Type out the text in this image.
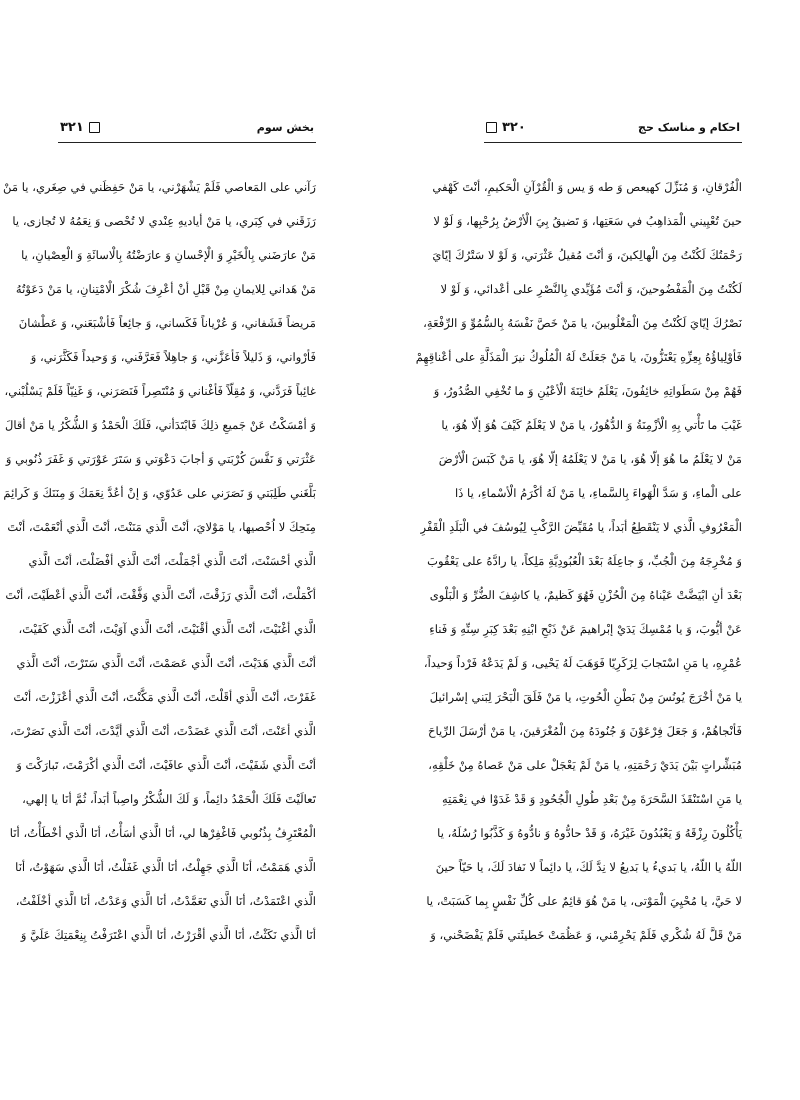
بخش سوم
۳۲۱
رَآني على المَعاصي فَلَمْ يَشْهَرْني، يا مَنْ حَفِظَني في صِغَري، يا مَنْ
رَزَقَني في كِبَري، يا مَنْ أياديهِ عِنْدي لا تُحْصى وَ نِعَمُهُ لا تُجازى، يا
مَنْ عارَضَني بِالْخَيْرِ وَ الْإحْسانِ وَ عارَضْتُهُ بِالْاسائَةِ وَ الْعِصْيانِ، يا
مَنْ هَداني لِلايمانِ مِنْ قَبْلِ أنْ أعْرِفَ شُكْرَ الْامْتِنانِ، يا مَنْ دَعَوْتُهُ
مَريضاً فَشَفاني، وَ عُرْياناً فَكَساني، وَ جائِعاً فَأشْبَعَني، وَ عَطْشانَ
فَأرْواني، وَ ذَليلاً فَأعَزَّني، وَ جاهِلاً فَعَرَّفَني، وَ وَحيداً فَكَثَّرَني، وَ
غائِباً فَرَدَّني، وَ مُقِلّاً فَأغْناني وَ مُنْتَصِراً فَنَصَرَني، وَ غَنِيّاً فَلَمْ يَسْلُبْني،
وَ أمْسَكْتُ عَنْ جَميعِ ذلِكَ فَابْتَدَأني، فَلَكَ الْحَمْدُ وَ الشُّكْرُ يا مَنْ أقالَ
عَثْرَتي وَ نَفَّسَ كُرْبَتي وَ أجابَ دَعْوَتي وَ سَتَرَ عَوْرَتي وَ غَفَرَ ذُنُوبي وَ
بَلَّغَني طَلِبَتي وَ نَصَرَني على عَدُوّي، وَ إنْ أعُدَّ نِعَمَكَ وَ مِنَنَكَ وَ كَرائِمَ
مِنَحِكَ لا اُحْصيها، يا مَوْلايَ، أنْتَ الَّذي مَنَنْتَ، أنْتَ الَّذي أنْعَمْتَ، أنْتَ
الَّذي أحْسَنْتَ، أنْتَ الَّذي أجْمَلْتَ، أنْتَ الَّذي أفْضَلْتَ، أنْتَ الَّذي
أكْمَلْتَ، أنْتَ الَّذي رَزَقْتَ، أنْتَ الَّذي وَفَّقْتَ، أنْتَ الَّذي أعْطَيْتَ، أنْتَ
الَّذي أغْنَيْتَ، أنْتَ الَّذي أقْنَيْتَ، أنْتَ الَّذي آوَيْتَ، أنْتَ الَّذي كَفَيْتَ،
أنْتَ الَّذي هَدَيْتَ، أنْتَ الَّذي عَصَمْتَ، أنْتَ الَّذي سَتَرْتَ، أنْتَ الَّذي
غَفَرْتَ، أنْتَ الَّذي أقَلْتَ، أنْتَ الَّذي مَكَّنْتَ، أنْتَ الَّذي أعْزَزْتَ، أنْتَ
الَّذي أعَنْتَ، أنْتَ الَّذي عَضَدْتَ، أنْتَ الَّذي أيَّدْتَ، أنْتَ الَّذي نَصَرْتَ،
أنْتَ الَّذي شَفَيْتَ، أنْتَ الَّذي عافَيْتَ، أنْتَ الَّذي أكْرَمْتَ، تَبارَكْتَ وَ
تَعالَيْتَ فَلَكَ الْحَمْدُ دائِماً، وَ لَكَ الشُّكْرُ واصِباً أبَداً، ثُمَّ أنَا يا إلهي،
الْمُعْتَرِفُ بِذُنُوبي فَاغْفِرْها لي، أنَا الَّذي أسَأْتُ، أنَا الَّذي أخْطَأْتُ، أنَا
الَّذي هَمَمْتُ، أنَا الَّذي جَهِلْتُ، أنَا الَّذي غَفَلْتُ، أنَا الَّذي سَهَوْتُ، أنَا
الَّذي اعْتَمَدْتُ، أنَا الَّذي تَعَمَّدْتُ، أنَا الَّذي وَعَدْتُ، أنَا الَّذي أخْلَفْتُ،
أنَا الَّذي نَكَثْتُ، أنَا الَّذي أقْرَرْتُ، أنَا الَّذي اعْتَرَفْتُ بِنِعْمَتِكَ عَلَيَّ وَ
احکام و مناسک حج
۳۲۰
الْفُرْقانِ، وَ مُنَزِّلَ كهيعص وَ طه وَ يس وَ الْقُرْآنِ الْحَكيمِ، أنْتَ كَهْفي
حينَ تُعْيِيني الْمَذاهِبُ في سَعَتِها، وَ تَضيقُ بِيَ الْأرْضُ بِرُحْبِها، وَ لَوْ لا
رَحْمَتُكَ لَكُنْتُ مِنَ الْهالِكينَ، وَ أنْتَ مُقيلُ عَثْرَتي، وَ لَوْ لا سَتْرُكَ إيّايَ
لَكُنْتُ مِنَ الْمَفْضُوحينَ، وَ أنْتَ مُؤَيِّدي بِالنَّصْرِ على أعْدائي، وَ لَوْ لا
نَصْرُكَ إيّايَ لَكُنْتُ مِنَ الْمَغْلُوبينَ، يا مَنْ خَصَّ نَفْسَهُ بِالسُّمُوِّ وَ الرِّفْعَةِ،
فَأوْلِياؤُهُ بِعِزِّهِ يَعْتَزُّونَ، يا مَنْ جَعَلَتْ لَهُ الْمُلُوكُ نيرَ الْمَذَلَّةِ على أعْناقِهِمْ
فَهُمْ مِنْ سَطَواتِهِ خائِفُونَ، يَعْلَمُ خائِنَةَ الْأعْيُنِ وَ ما تُخْفِي الصُّدُورُ، وَ
غَيْبَ ما تَأْتي بِهِ الْأزْمِنَةُ وَ الدُّهُورُ، يا مَنْ لا يَعْلَمُ كَيْفَ هُوَ إلّا هُوَ، يا
مَنْ لا يَعْلَمُ ما هُوَ إلّا هُوَ، يا مَنْ لا يَعْلَمُهُ إلّا هُوَ، يا مَنْ كَبَسَ الْأرْضَ
على الْماءِ، وَ سَدَّ الْهَواءَ بِالسَّماءِ، يا مَنْ لَهُ أكْرَمُ الْأسْماءِ، يا ذَا
الْمَعْرُوفِ الَّذي لا يَنْقَطِعُ أبَداً، يا مُقَيِّضَ الرَّكْبِ لِيُوسُفَ في الْبَلَدِ الْقَفْرِ
وَ مُخْرِجَهُ مِنَ الْجُبِّ، وَ جاعِلَهُ بَعْدَ الْعُبُودِيَّةِ مَلِكاً، يا رادَّهُ على يَعْقُوبَ
بَعْدَ أنِ ابْيَضَّتْ عَيْناهُ مِنَ الْحُزْنِ فَهُوَ كَظيمٌ، يا كاشِفَ الضُّرِّ وَ الْبَلْوى
عَنْ أيُّوبَ، وَ يا مُمْسِكَ يَدَيْ إبْراهيمَ عَنْ ذَبْحِ ابْنِهِ بَعْدَ كِبَرِ سِنِّهِ وَ فَناءِ
عُمْرِهِ، يا مَنِ اسْتَجابَ لِزَكَرِيّا فَوَهَبَ لَهُ يَحْيى، وَ لَمْ يَدَعْهُ فَرْداً وَحيداً،
يا مَنْ أخْرَجَ يُونُسَ مِنْ بَطْنِ الْحُوتِ، يا مَنْ فَلَقَ الْبَحْرَ لِبَني إسْرائيلَ
فَأنْجاهُمْ، وَ جَعَلَ فِرْعَوْنَ وَ جُنُودَهُ مِنَ الْمُغْرَقينَ، يا مَنْ أرْسَلَ الرِّياحَ
مُبَشِّراتٍ بَيْنَ يَدَيْ رَحْمَتِهِ، يا مَنْ لَمْ يَعْجَلْ على مَنْ عَصاهُ مِنْ خَلْقِهِ،
يا مَنِ اسْتَنْقَذَ السَّحَرَةَ مِنْ بَعْدِ طُولِ الْجُحُودِ وَ قَدْ غَدَوْا في نِعْمَتِهِ
يَأْكُلُونَ رِزْقَهُ وَ يَعْبُدُونَ غَيْرَهُ، وَ قَدْ حادُّوهُ وَ نادُّوهُ وَ كَذَّبُوا رُسُلَهُ، يا
اللّهُ يا اللّهُ، يا بَديءُ يا بَديعُ لا نِدَّ لَكَ، يا دائِماً لا نَفادَ لَكَ، يا حَيّاً حينَ
لا حَيَّ، يا مُحْيِيَ الْمَوْتى، يا مَنْ هُوَ قائِمٌ على كُلِّ نَفْسٍ بِما كَسَبَتْ، يا
مَنْ قَلَّ لَهُ شُكْري فَلَمْ يَحْرِمْني، وَ عَظُمَتْ خَطيئَتي فَلَمْ يَفْضَحْني، وَ
